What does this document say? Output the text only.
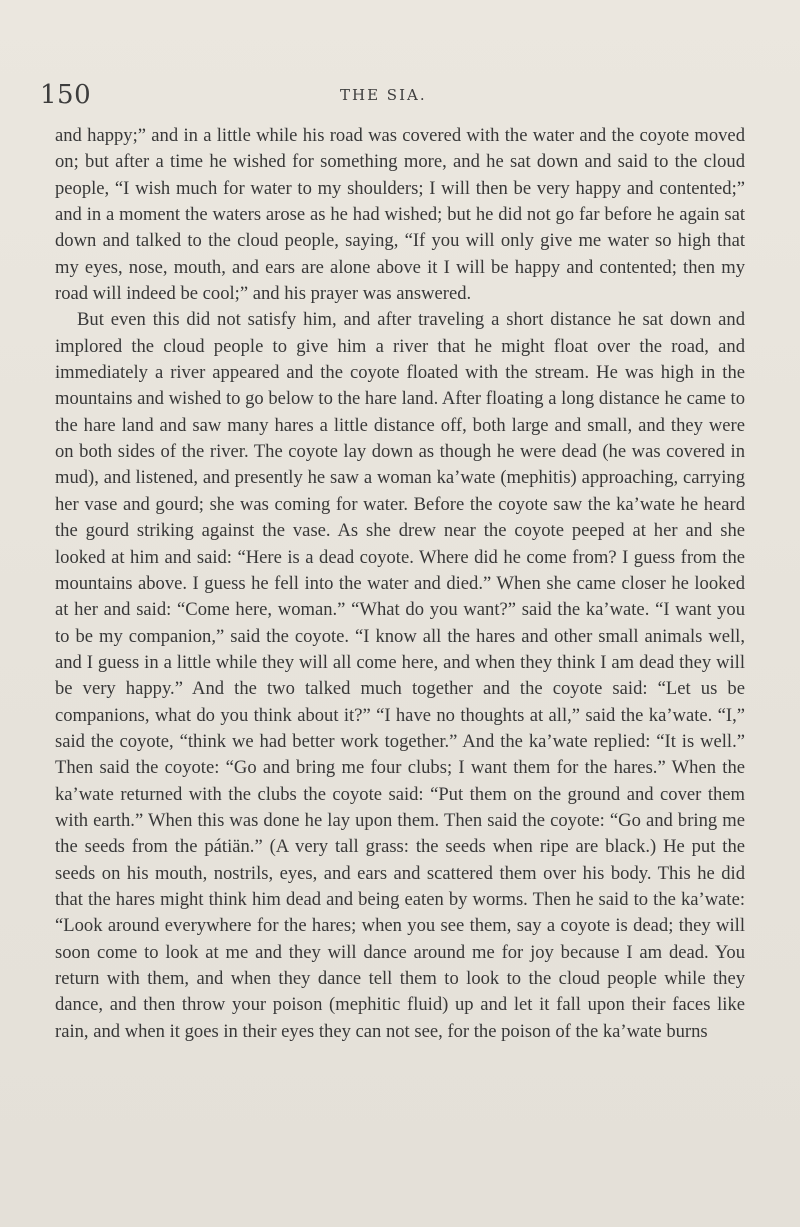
150	THE SIA.

and happy;” and in a little while his road was covered with the water and the coyote moved on; but after a time he wished for something more, and he sat down and said to the cloud people, “I wish much for water to my shoulders; I will then be very happy and contented;” and in a moment the waters arose as he had wished; but he did not go far before he again sat down and talked to the cloud people, saying, “If you will only give me water so high that my eyes, nose, mouth, and ears are alone above it I will be happy and contented; then my road will indeed be cool;” and his prayer was answered.

But even this did not satisfy him, and after traveling a short distance he sat down and implored the cloud people to give him a river that he might float over the road, and immediately a river appeared and the coyote floated with the stream. He was high in the mountains and wished to go below to the hare land. After floating a long distance he came to the hare land and saw many hares a little distance off, both large and small, and they were on both sides of the river. The coyote lay down as though he were dead (he was covered in mud), and listened, and presently he saw a woman ka’wate (mephitis) approaching, carrying her vase and gourd; she was coming for water. Before the coyote saw the ka’wate he heard the gourd striking against the vase. As she drew near the coyote peeped at her and she looked at him and said: “Here is a dead coyote. Where did he come from? I guess from the mountains above. I guess he fell into the water and died.” When she came closer he looked at her and said: “Come here, woman.” “What do you want?” said the ka’wate. “I want you to be my companion,” said the coyote. “I know all the hares and other small animals well, and I guess in a little while they will all come here, and when they think I am dead they will be very happy.” And the two talked much together and the coyote said: “Let us be companions, what do you think about it?” “I have no thoughts at all,” said the ka’wate. “I,” said the coyote, “think we had better work together.” And the ka’wate replied: “It is well.” Then said the coyote: “Go and bring me four clubs; I want them for the hares.” When the ka’wate returned with the clubs the coyote said: “Put them on the ground and cover them with earth.” When this was done he lay upon them. Then said the coyote: “Go and bring me the seeds from the pátiän.” (A very tall grass: the seeds when ripe are black.) He put the seeds on his mouth, nostrils, eyes, and ears and scattered them over his body. This he did that the hares might think him dead and being eaten by worms. Then he said to the ka’wate: “Look around everywhere for the hares; when you see them, say a coyote is dead; they will soon come to look at me and they will dance around me for joy because I am dead. You return with them, and when they dance tell them to look to the cloud people while they dance, and then throw your poison (mephitic fluid) up and let it fall upon their faces like rain, and when it goes in their eyes they can not see, for the poison of the ka’wate burns
